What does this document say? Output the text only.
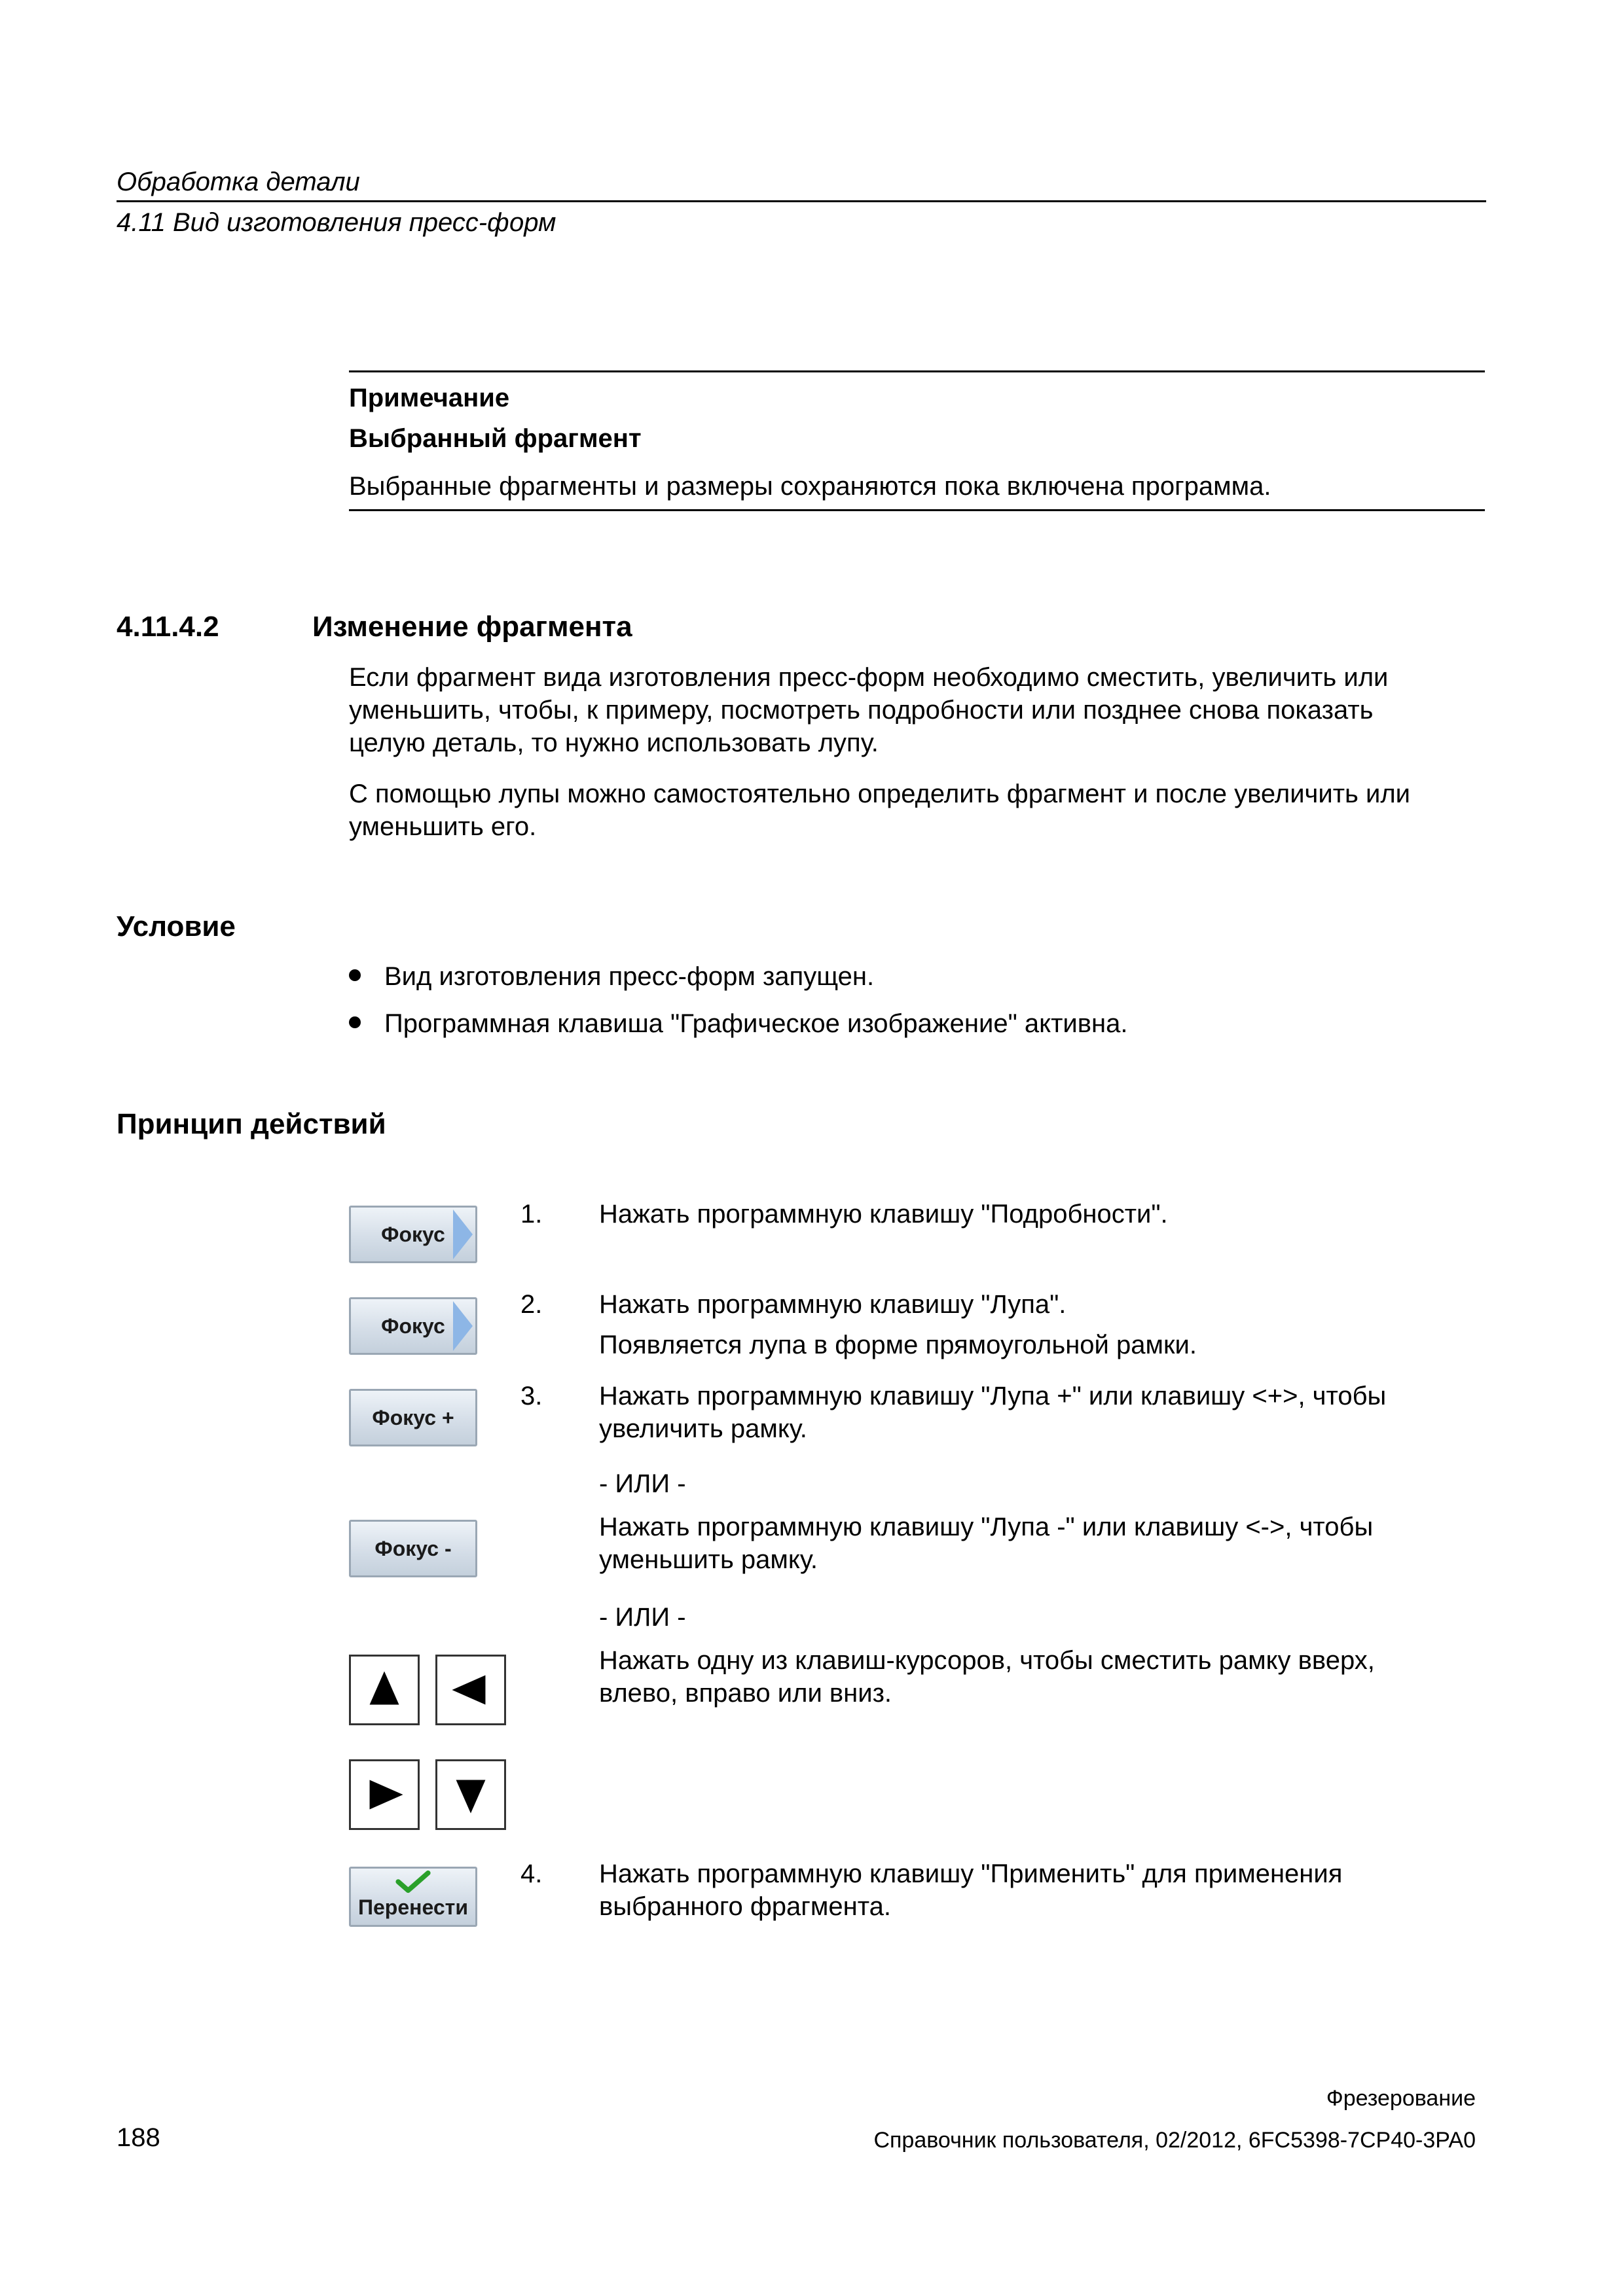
Обработка детали
4.11 Вид изготовления пресс-форм
Примечание
Выбранный фрагмент
Выбранные фрагменты и размеры сохраняются пока включена программа.
4.11.4.2	Изменение фрагмента
Если фрагмент вида изготовления пресс-форм необходимо сместить, увеличить или
уменьшить, чтобы, к примеру, посмотреть подробности или позднее снова показать
целую деталь, то нужно использовать лупу.
С помощью лупы можно самостоятельно определить фрагмент и после увеличить или
уменьшить его.
Условие
Вид изготовления пресс-форм запущен.
Программная клавиша "Графическое изображение" активна.
Принцип действий
Фокус
1. Нажать программную клавишу "Подробности".
Фокус
2. Нажать программную клавишу "Лупа".
Появляется лупа в форме прямоугольной рамки.
Фокус +
3. Нажать программную клавишу "Лупа +" или клавишу <+>, чтобы
увеличить рамку.
- ИЛИ -
Фокус -
Нажать программную клавишу "Лупа -" или клавишу <->, чтобы
уменьшить рамку.
- ИЛИ -
Нажать одну из клавиш-курсоров, чтобы сместить рамку вверх,
влево, вправо или вниз.
Перенести
4. Нажать программную клавишу "Применить" для применения
выбранного фрагмента.
Фрезерование
188	Справочник пользователя, 02/2012, 6FC5398-7CP40-3PA0
